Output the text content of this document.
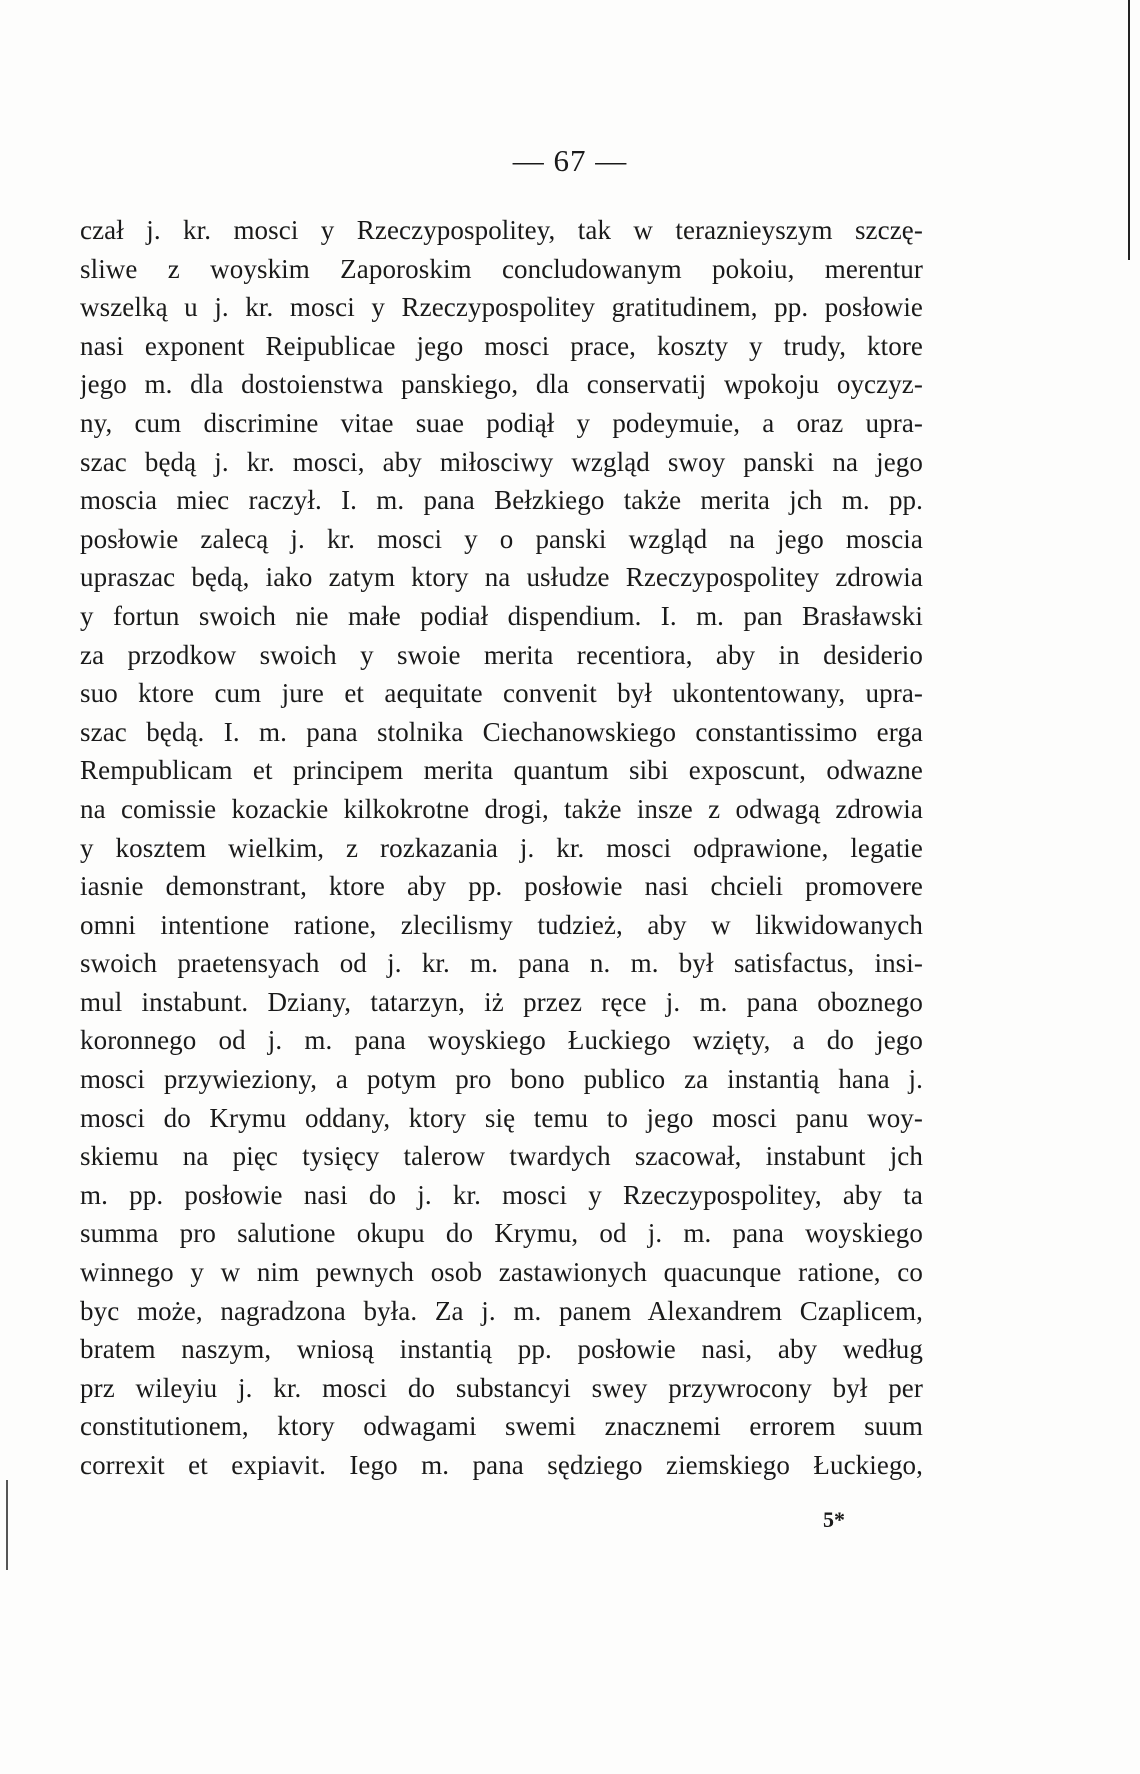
— 67 —
czał j. kr. mosci y Rzeczypospolitey, tak w teraznieyszym szczę-
sliwe z woyskim Zaporoskim concludowanym pokoiu, merentur
wszelką u j. kr. mosci y Rzeczypospolitey gratitudinem, pp. posłowie
nasi exponent Reipublicae jego mosci prace, koszty y trudy, ktore
jego m. dla dostoienstwa panskiego, dla conservatij wpokoju oyczyz-
ny, cum discrimine vitae suae podiął y podeymuie, a oraz upra-
szac będą j. kr. mosci, aby miłosciwy wzgląd swoy panski na jego
moscia miec raczył. I. m. pana Bełzkiego także merita jch m. pp.
posłowie zalecą j. kr. mosci y o panski wzgląd na jego moscia
upraszac będą, iako zatym ktory na usłudze Rzeczypospolitey zdrowia
y fortun swoich nie małe podiał dispendium. I. m. pan Brasławski
za przodkow swoich y swoie merita recentiora, aby in desiderio
suo ktore cum jure et aequitate convenit był ukontentowany, upra-
szac będą. I. m. pana stolnika Ciechanowskiego constantissimo erga
Rempublicam et principem merita quantum sibi exposcunt, odwazne
na comissie kozackie kilkokrotne drogi, także insze z odwagą zdrowia
y kosztem wielkim, z rozkazania j. kr. mosci odprawione, legatie
iasnie demonstrant, ktore aby pp. posłowie nasi chcieli promovere
omni intentione ratione, zlecilismy tudzież, aby w likwidowanych
swoich praetensyach od j. kr. m. pana n. m. był satisfactus, insi-
mul instabunt. Dziany, tatarzyn, iż przez ręce j. m. pana oboznego
koronnego od j. m. pana woyskiego Łuckiego wzięty, a do jego
mosci przywieziony, a potym pro bono publico za instantią hana j.
mosci do Krymu oddany, ktory się temu to jego mosci panu woy-
skiemu na pięc tysięcy talerow twardych szacował, instabunt jch
m. pp. posłowie nasi do j. kr. mosci y Rzeczypospolitey, aby ta
summa pro salutione okupu do Krymu, od j. m. pana woyskiego
winnego y w nim pewnych osob zastawionych quacunque ratione, co
byc może, nagradzona była. Za j. m. panem Alexandrem Czaplicem,
bratem naszym, wniosą instantią pp. posłowie nasi, aby według
prz wileyiu j. kr. mosci do substancyi swey przywrocony był per
constitutionem, ktory odwagami swemi znacznemi errorem suum
correxit et expiavit. Iego m. pana sędziego ziemskiego Łuckiego,
5*
